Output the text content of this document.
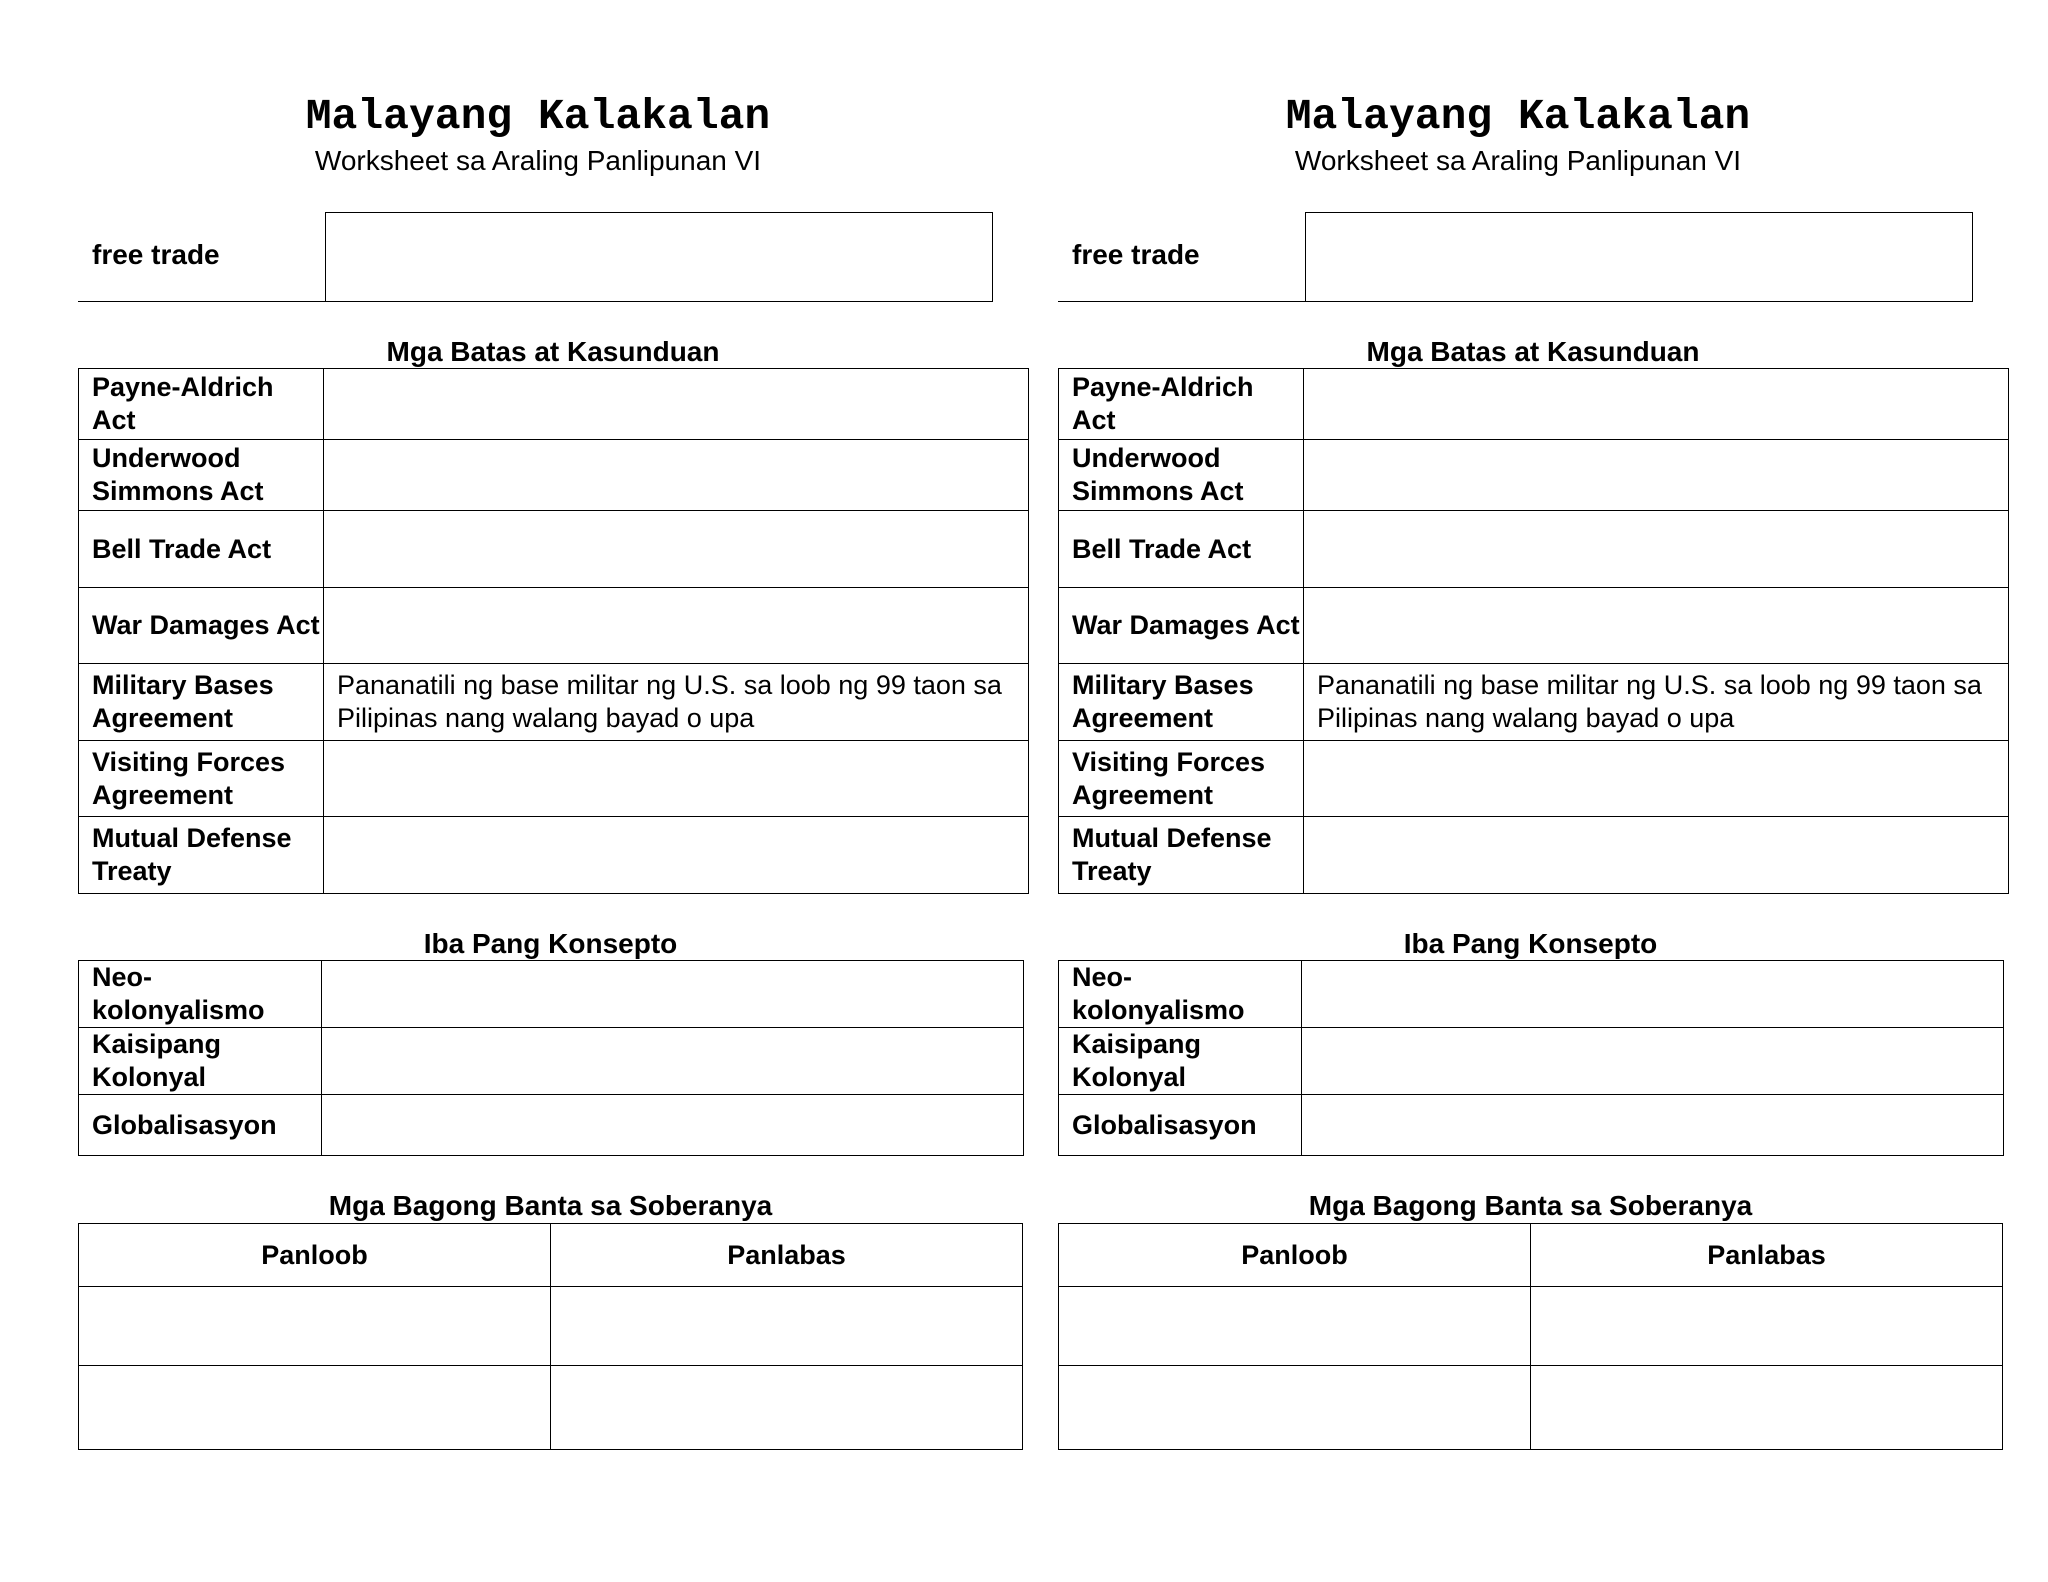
Malayang Kalakalan
Worksheet sa Araling Panlipunan VI
free trade
Mga Batas at Kasunduan
Payne-Aldrich Act	
Underwood Simmons Act	
Bell Trade Act	
War Damages Act	
Military Bases Agreement	Pananatili ng base militar ng U.S. sa loob ng 99 taon sa Pilipinas nang walang bayad o upa
Visiting Forces Agreement	
Mutual Defense Treaty	
Iba Pang Konsepto
Neo-kolonyalismo	
Kaisipang Kolonyal	
Globalisasyon	
Mga Bagong Banta sa Soberanya
Panloob	Panlabas

Malayang Kalakalan
Worksheet sa Araling Panlipunan VI
free trade
Mga Batas at Kasunduan
Payne-Aldrich Act	
Underwood Simmons Act	
Bell Trade Act	
War Damages Act	
Military Bases Agreement	Pananatili ng base militar ng U.S. sa loob ng 99 taon sa Pilipinas nang walang bayad o upa
Visiting Forces Agreement	
Mutual Defense Treaty	
Iba Pang Konsepto
Neo-kolonyalismo	
Kaisipang Kolonyal	
Globalisasyon	
Mga Bagong Banta sa Soberanya
Panloob	Panlabas
